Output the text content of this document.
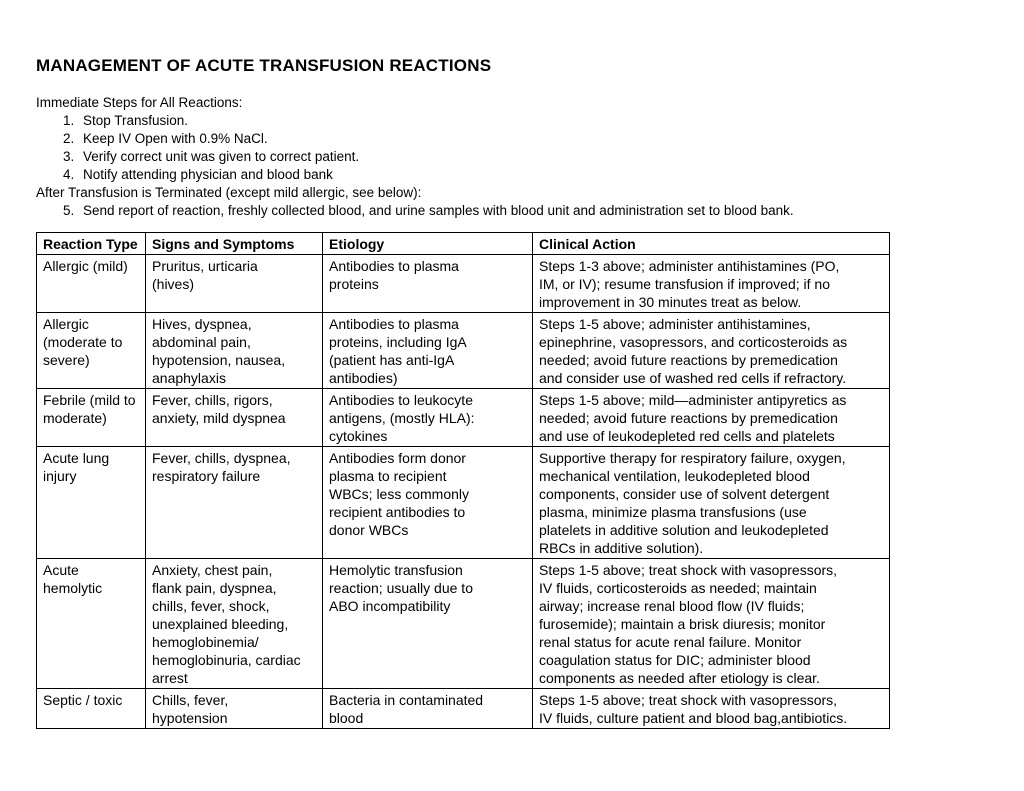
MANAGEMENT OF ACUTE TRANSFUSION REACTIONS

Immediate Steps for All Reactions:

1. Stop Transfusion.

2. Keep IV Open with 0.9% NaCl.

3. Verify correct unit was given to correct patient.

4. Notify attending physician and blood bank

After Transfusion is Terminated (except mild allergic, see below):

5. Send report of reaction, freshly collected blood, and urine samples with blood unit and administration set to blood bank.

Reaction Type	Signs and Symptoms	Etiology	Clinical Action
Allergic (mild)	Pruritus, urticaria (hives)	Antibodies to plasma proteins	Steps 1-3 above; administer antihistamines (PO, IM, or IV); resume transfusion if improved; if no improvement in 30 minutes treat as below.
Allergic (moderate to severe)	Hives, dyspnea, abdominal pain, hypotension, nausea, anaphylaxis	Antibodies to plasma proteins, including IgA (patient has anti-IgA antibodies)	Steps 1-5 above; administer antihistamines, epinephrine, vasopressors, and corticosteroids as needed; avoid future reactions by premedication and consider use of washed red cells if refractory.
Febrile (mild to moderate)	Fever, chills, rigors, anxiety, mild dyspnea	Antibodies to leukocyte antigens, (mostly HLA): cytokines	Steps 1-5 above; mild—administer antipyretics as needed; avoid future reactions by premedication and use of leukodepleted red cells and platelets
Acute lung injury	Fever, chills, dyspnea, respiratory failure	Antibodies form donor plasma to recipient WBCs; less commonly recipient antibodies to donor WBCs	Supportive therapy for respiratory failure, oxygen, mechanical ventilation, leukodepleted blood components, consider use of solvent detergent plasma, minimize plasma transfusions (use platelets in additive solution and leukodepleted RBCs in additive solution).
Acute hemolytic	Anxiety, chest pain, flank pain, dyspnea, chills, fever, shock, unexplained bleeding, hemoglobinemia/ hemoglobinuria, cardiac arrest	Hemolytic transfusion reaction; usually due to ABO incompatibility	Steps 1-5 above; treat shock with vasopressors, IV fluids, corticosteroids as needed; maintain airway; increase renal blood flow (IV fluids; furosemide); maintain a brisk diuresis; monitor renal status for acute renal failure. Monitor coagulation status for DIC; administer blood components as needed after etiology is clear.
Septic / toxic	Chills, fever, hypotension	Bacteria in contaminated blood	Steps 1-5 above; treat shock with vasopressors, IV fluids, culture patient and blood bag,antibiotics.
